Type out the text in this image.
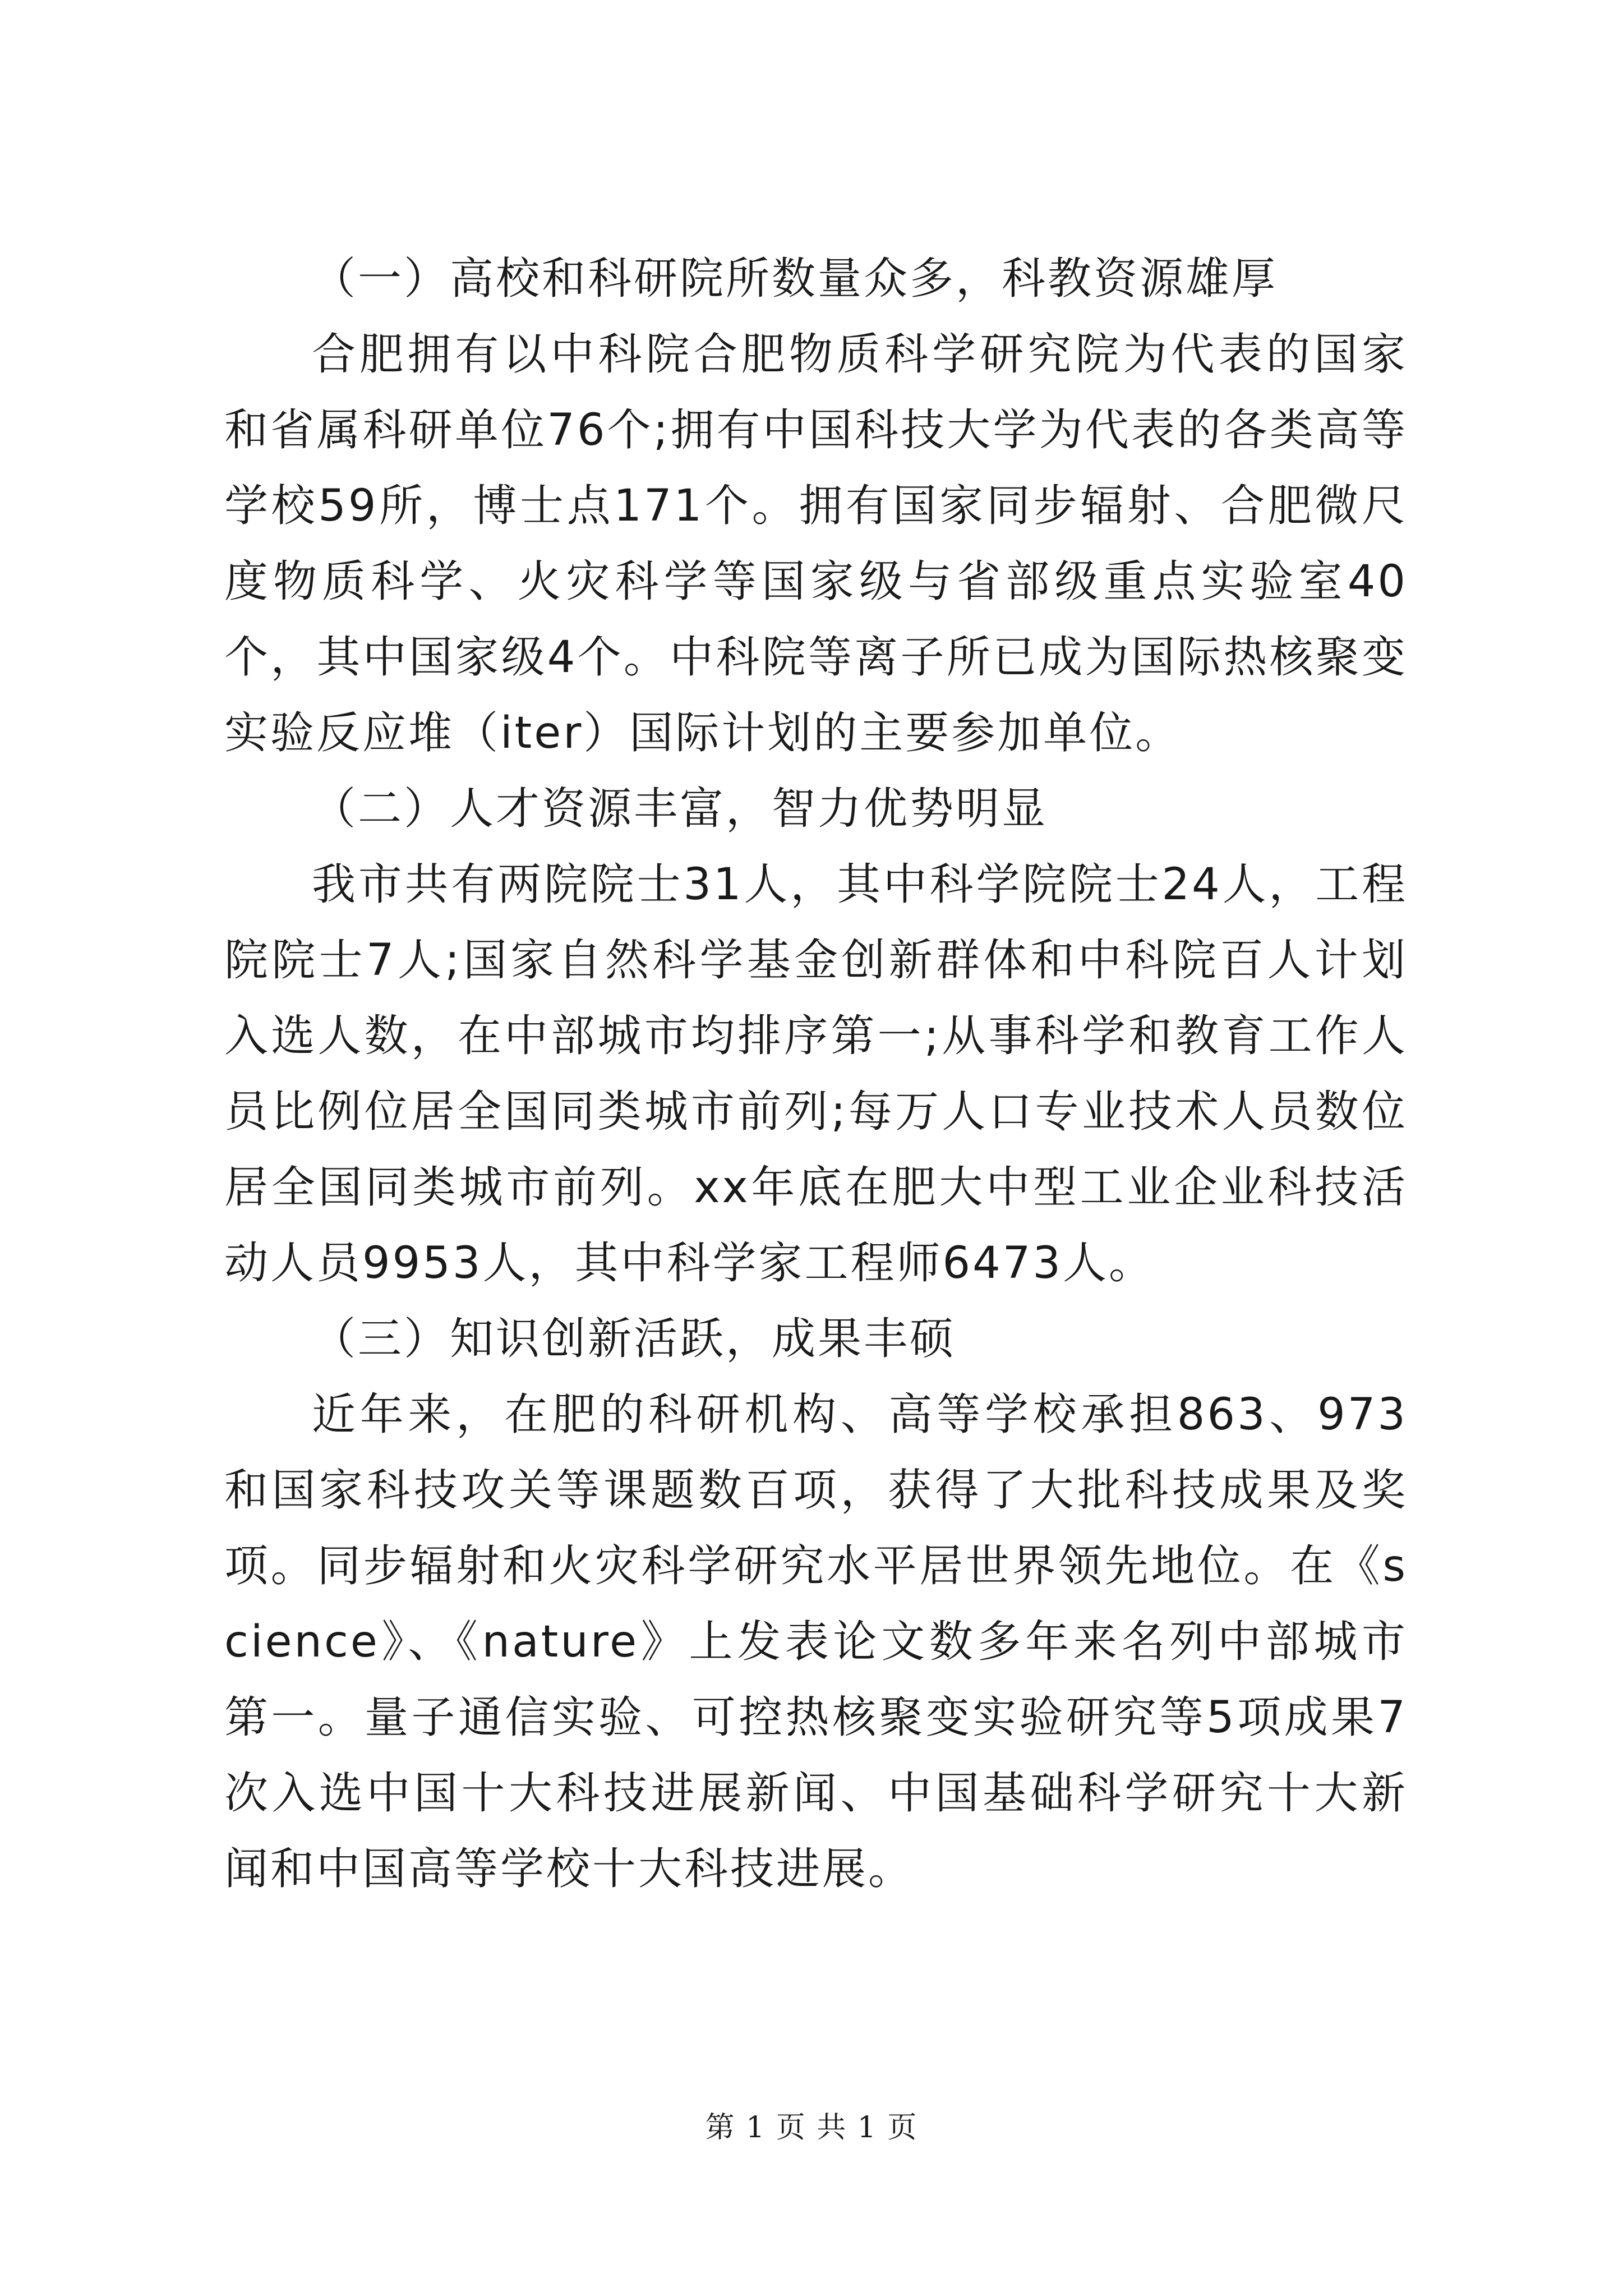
（一）高校和科研院所数量众多，科教资源雄厚

合肥拥有以中科院合肥物质科学研究院为代表的国家和省属科研单位76个;拥有中国科技大学为代表的各类高等学校59所，博士点171个。拥有国家同步辐射、合肥微尺度物质科学、火灾科学等国家级与省部级重点实验室40个，其中国家级4个。中科院等离子所已成为国际热核聚变实验反应堆（iter）国际计划的主要参加单位。

（二）人才资源丰富，智力优势明显

我市共有两院院士31人，其中科学院院士24人，工程院院士7人;国家自然科学基金创新群体和中科院百人计划入选人数，在中部城市均排序第一;从事科学和教育工作人员比例位居全国同类城市前列;每万人口专业技术人员数位居全国同类城市前列。xx年底在肥大中型工业企业科技活动人员9953人，其中科学家工程师6473人。

（三）知识创新活跃，成果丰硕

近年来，在肥的科研机构、高等学校承担863、973和国家科技攻关等课题数百项，获得了大批科技成果及奖项。同步辐射和火灾科学研究水平居世界领先地位。在《science》、《nature》上发表论文数多年来名列中部城市第一。量子通信实验、可控热核聚变实验研究等5项成果7次入选中国十大科技进展新闻、中国基础科学研究十大新闻和中国高等学校十大科技进展。

第 1 页 共 1 页
